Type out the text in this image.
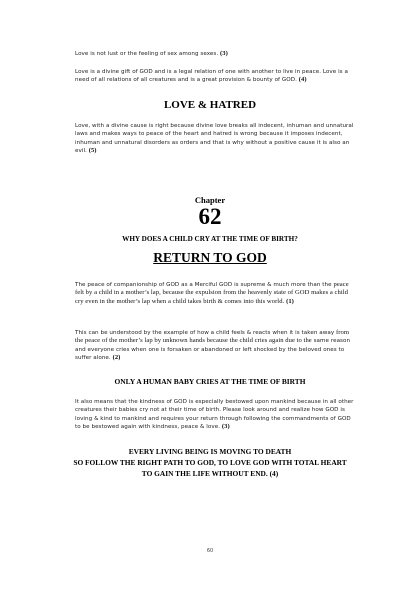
Love is not lust or the feeling of sex among sexes. (3)
Love is a divine gift of GOD and is a legal relation of one with another to live in peace. Love is a need of all relations of all creatures and is a great provision & bounty of GOD. (4)
LOVE & HATRED
Love, with a divine cause is right because divine love breaks all indecent, inhuman and unnatural laws and makes ways to peace of the heart and hatred is wrong because it imposes indecent, inhuman and unnatural disorders as orders and that is why without a positive cause it is also an evil. (5)
Chapter
62
WHY DOES A CHILD CRY AT THE TIME OF BIRTH?
RETURN TO GOD
The peace of companionship of GOD as a Merciful GOD is supreme & much more than the peace felt by a child in a mother’s lap, because the expulsion from the heavenly state of GOD makes a child cry even in the mother’s lap when a child takes birth & comes into this world. (1)
This can be understood by the example of how a child feels & reacts when it is taken away from the peace of the mother’s lap by unknown hands because the child cries again due to the same reason and everyone cries when one is forsaken or abandoned or left shocked by the beloved ones to suffer alone. (2)
ONLY A HUMAN BABY CRIES AT THE TIME OF BIRTH
It also means that the kindness of GOD is especially bestowed upon mankind because in all other creatures their babies cry not at their time of birth. Please look around and realize how GOD is loving & kind to mankind and requires your return through following the commandments of GOD to be bestowed again with kindness, peace & love. (3)
EVERY LIVING BEING IS MOVING TO DEATH
SO FOLLOW THE RIGHT PATH TO GOD, TO LOVE GOD WITH TOTAL HEART
TO GAIN THE LIFE WITHOUT END. (4)
60
